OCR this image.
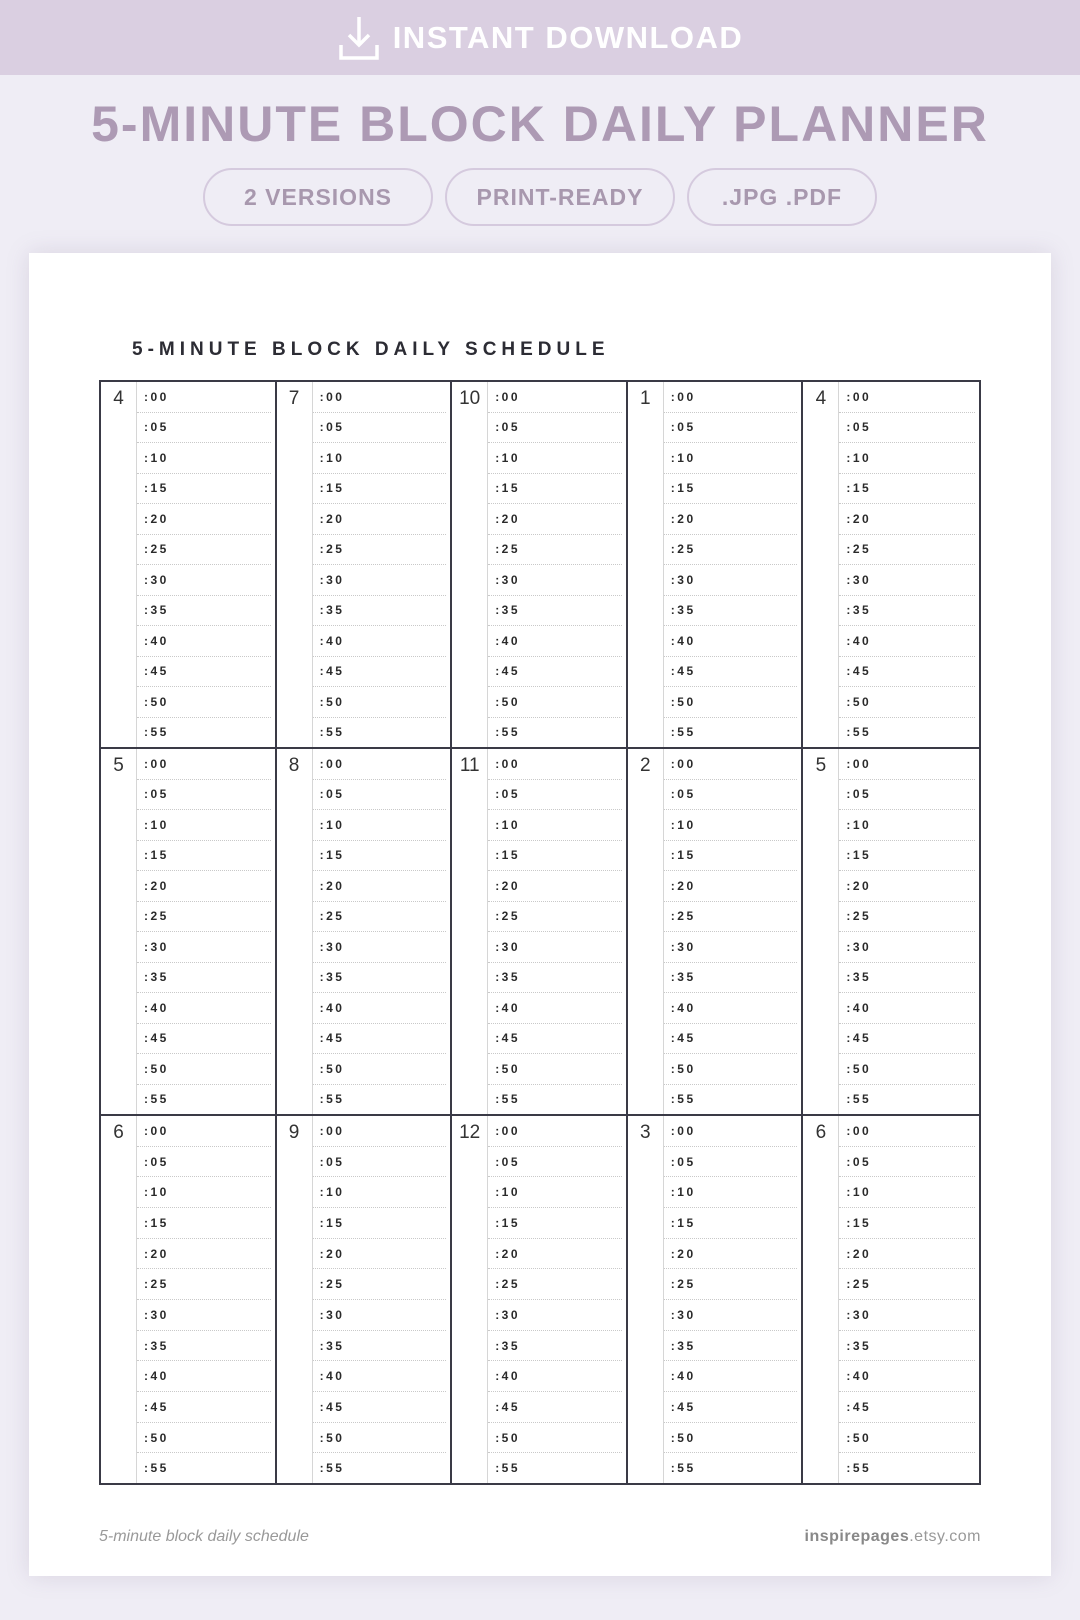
INSTANT DOWNLOAD
5-MINUTE BLOCK DAILY PLANNER
2 VERSIONS	PRINT-READY	.JPG .PDF
5-MINUTE BLOCK DAILY SCHEDULE
4	:00
:05
:10
:15
:20
:25
:30
:35
:40
:45
:50
:55
7	:00
:05
:10
:15
:20
:25
:30
:35
:40
:45
:50
:55
10	:00
:05
:10
:15
:20
:25
:30
:35
:40
:45
:50
:55
1	:00
:05
:10
:15
:20
:25
:30
:35
:40
:45
:50
:55
4	:00
:05
:10
:15
:20
:25
:30
:35
:40
:45
:50
:55
5	:00
:05
:10
:15
:20
:25
:30
:35
:40
:45
:50
:55
8	:00
:05
:10
:15
:20
:25
:30
:35
:40
:45
:50
:55
11	:00
:05
:10
:15
:20
:25
:30
:35
:40
:45
:50
:55
2	:00
:05
:10
:15
:20
:25
:30
:35
:40
:45
:50
:55
5	:00
:05
:10
:15
:20
:25
:30
:35
:40
:45
:50
:55
6	:00
:05
:10
:15
:20
:25
:30
:35
:40
:45
:50
:55
9	:00
:05
:10
:15
:20
:25
:30
:35
:40
:45
:50
:55
12	:00
:05
:10
:15
:20
:25
:30
:35
:40
:45
:50
:55
3	:00
:05
:10
:15
:20
:25
:30
:35
:40
:45
:50
:55
6	:00
:05
:10
:15
:20
:25
:30
:35
:40
:45
:50
:55
5-minute block daily schedule	inspirepages.etsy.com
